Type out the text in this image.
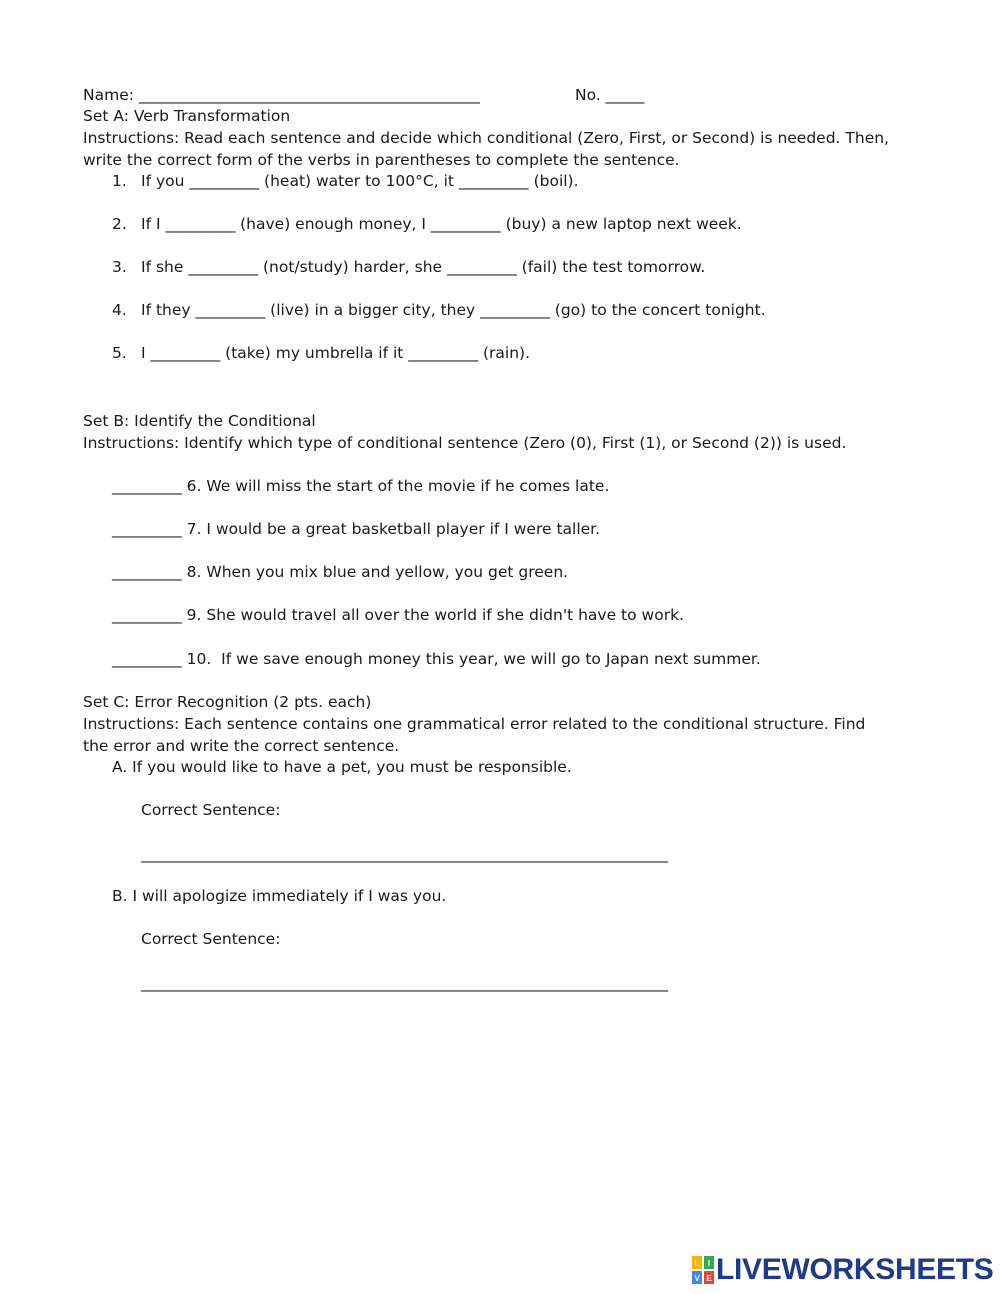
Name: ____________________________________________	No. _____
Set A: Verb Transformation
Instructions: Read each sentence and decide which conditional (Zero, First, or Second) is needed. Then,
write the correct form of the verbs in parentheses to complete the sentence.
1. If you _________ (heat) water to 100°C, it _________ (boil).
2. If I _________ (have) enough money, I _________ (buy) a new laptop next week.
3. If she _________ (not/study) harder, she _________ (fail) the test tomorrow.
4. If they _________ (live) in a bigger city, they _________ (go) to the concert tonight.
5. I _________ (take) my umbrella if it _________ (rain).
Set B: Identify the Conditional
Instructions: Identify which type of conditional sentence (Zero (0), First (1), or Second (2)) is used.
_________ 6. We will miss the start of the movie if he comes late.
_________ 7. I would be a great basketball player if I were taller.
_________ 8. When you mix blue and yellow, you get green.
_________ 9. She would travel all over the world if she didn't have to work.
_________ 10.  If we save enough money this year, we will go to Japan next summer.
Set C: Error Recognition (2 pts. each)
Instructions: Each sentence contains one grammatical error related to the conditional structure. Find
the error and write the correct sentence.
A. If you would like to have a pet, you must be responsible.
Correct Sentence:
____________________________________________________________________
B. I will apologize immediately if I was you.
Correct Sentence:
____________________________________________________________________
L I
V E LIVEWORKSHEETS
